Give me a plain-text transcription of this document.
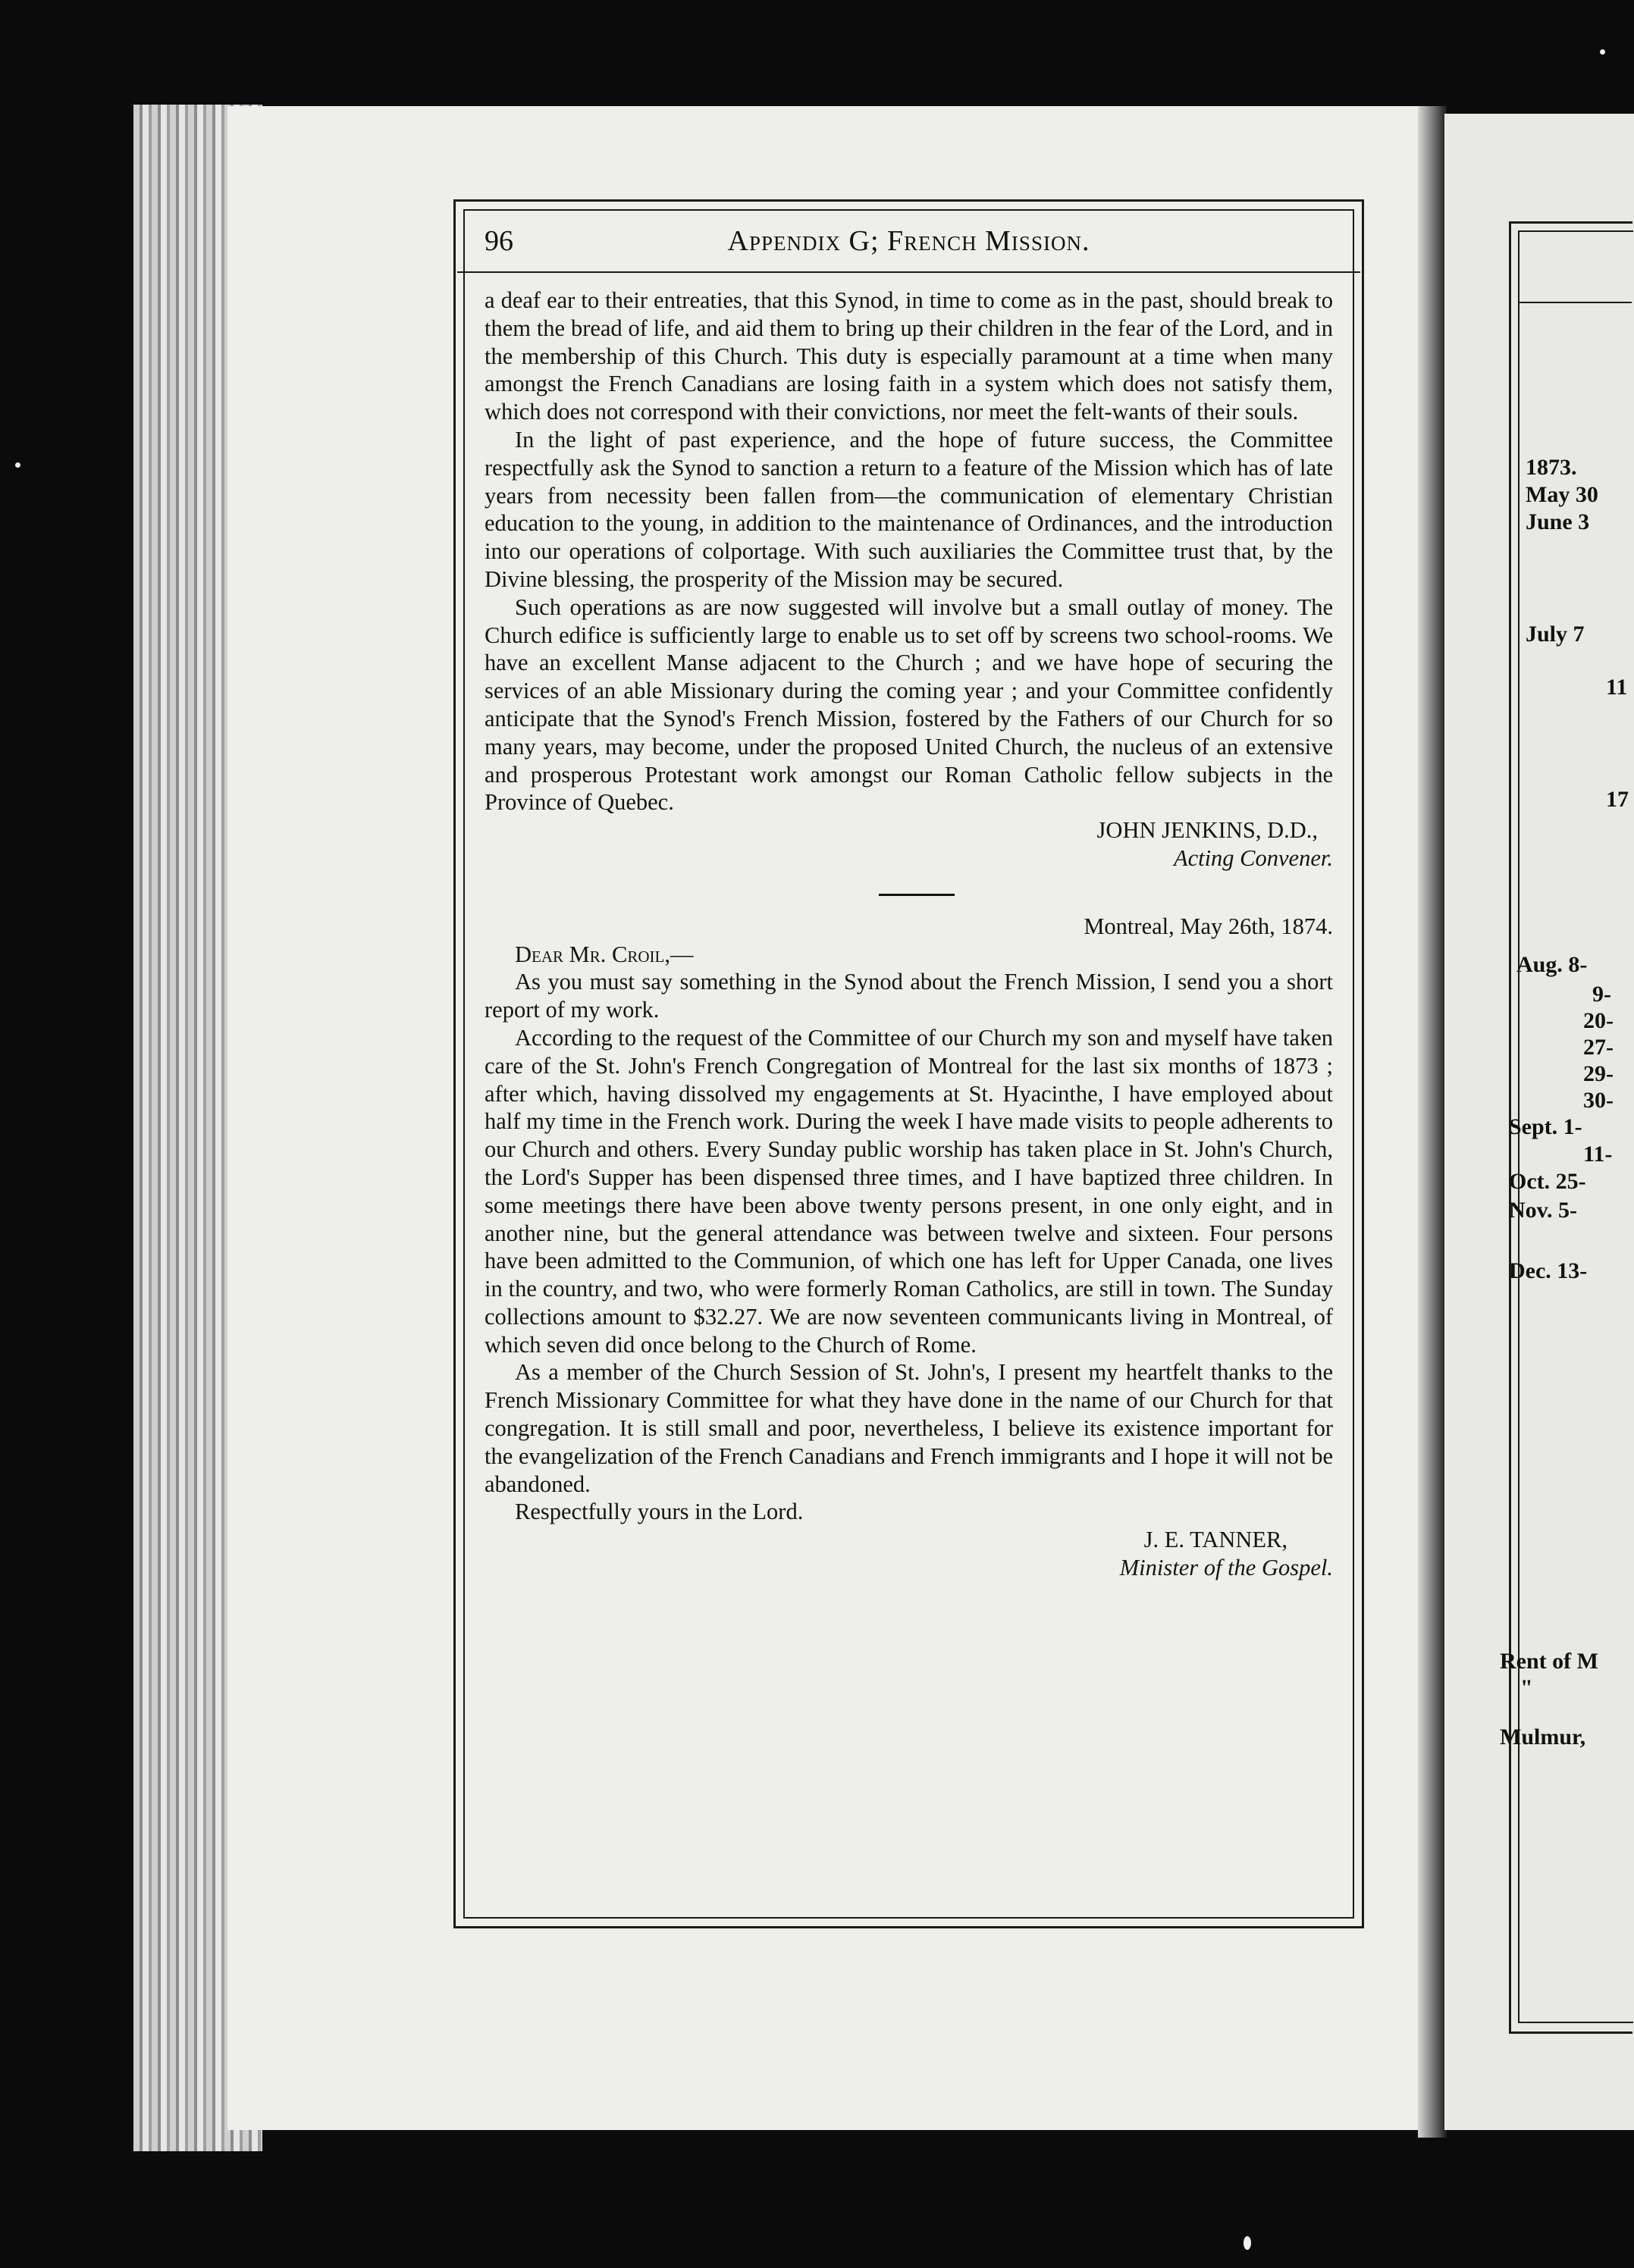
96	Appendix G; French Mission.

a deaf ear to their entreaties, that this Synod, in time to come as in the past, should break to them the bread of life, and aid them to bring up their children in the fear of the Lord, and in the membership of this Church. This duty is especially paramount at a time when many amongst the French Canadians are losing faith in a system which does not satisfy them, which does not correspond with their convictions, nor meet the felt-wants of their souls.

In the light of past experience, and the hope of future success, the Committee respectfully ask the Synod to sanction a return to a feature of the Mission which has of late years from necessity been fallen from—the communication of elementary Christian education to the young, in addition to the maintenance of Ordinances, and the introduction into our operations of colportage. With such auxiliaries the Committee trust that, by the Divine blessing, the prosperity of the Mission may be secured.

Such operations as are now suggested will involve but a small outlay of money. The Church edifice is sufficiently large to enable us to set off by screens two school-rooms. We have an excellent Manse adjacent to the Church ; and we have hope of securing the services of an able Missionary during the coming year ; and your Committee confidently anticipate that the Synod's French Mission, fostered by the Fathers of our Church for so many years, may become, under the proposed United Church, the nucleus of an extensive and prosperous Protestant work amongst our Roman Catholic fellow subjects in the Province of Quebec.

JOHN JENKINS, D.D.,

Acting Convener.

Montreal, May 26th, 1874.

Dear Mr. Croil,—

As you must say something in the Synod about the French Mission, I send you a short report of my work.

According to the request of the Committee of our Church my son and myself have taken care of the St. John's French Congregation of Montreal for the last six months of 1873 ; after which, having dissolved my engagements at St. Hyacinthe, I have employed about half my time in the French work. During the week I have made visits to people adherents to our Church and others. Every Sunday public worship has taken place in St. John's Church, the Lord's Supper has been dispensed three times, and I have baptized three children. In some meetings there have been above twenty persons present, in one only eight, and in another nine, but the general attendance was between twelve and sixteen. Four persons have been admitted to the Communion, of which one has left for Upper Canada, one lives in the country, and two, who were formerly Roman Catholics, are still in town. The Sunday collections amount to $32.27. We are now seventeen communicants living in Montreal, of which seven did once belong to the Church of Rome.

As a member of the Church Session of St. John's, I present my heartfelt thanks to the French Missionary Committee for what they have done in the name of our Church for that congregation. It is still small and poor, nevertheless, I believe its existence important for the evangelization of the French Canadians and French immigrants and I hope it will not be abandoned.

Respectfully yours in the Lord.

J. E. TANNER,

Minister of the Gospel.

1873.
May 30
June 3
July 7
11
17
Aug. 8-
9-
20-
27-
29-
30-
Sept. 1-
11-
Oct. 25-
Nov. 5-
Dec. 13-
Rent of M
"
Mulmur,
